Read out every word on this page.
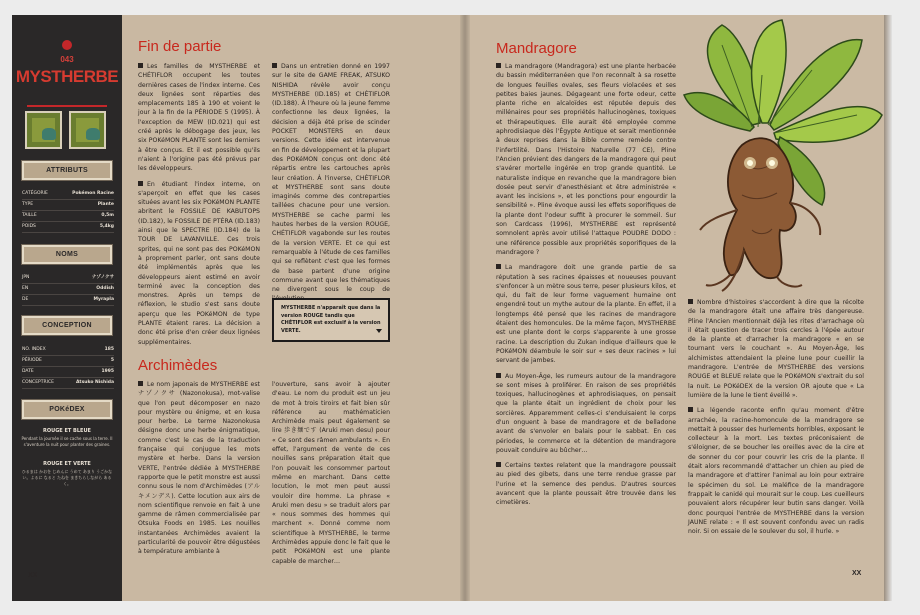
043
MYSTHERBE
ATTRIBUTS
CATÉGORIE	Pokémon Racine
TYPE	Plante
TAILLE	0,5m
POIDS	5,4kg
NOMS
JPN	ナゾノクサ
EN	Oddish
DE	Myrapla
CONCEPTION
NO. INDEX	185
PÉRIODE	5
DATE	1995
CONCEPTRICE	Atsuko Nishida
POKéDEX
ROUGE ET BLEUE
Pendant la journée il se cache sous la terre. Il s'aventure la nuit pour planter des graines.
ROUGE ET VERTE
ひるまは かおを じめんに うめて あまり うごかない。よるに なると たねを まきちらしながら あるく。
XX	XX
Fin de partie

Les familles de MYSTHERBE et CHÉTIFLOR occupent les toutes dernières cases de l'index interne. Ces deux lignées sont réparties des emplacements 185 à 190 et voient le jour à la fin de la PÉRIODE 5 (1995). À l'exception de MEW (ID.021) qui est créé après le débogage des jeux, les six POKéMON PLANTE sont les derniers à être conçus. Et il est possible qu'ils n'aient à l'origine pas été prévus par les développeurs.

En étudiant l'index interne, on s'aperçoit en effet que les cases situées avant les six POKéMON PLANTE abritent le FOSSILE DE KABUTOPS (ID.182), le FOSSILE DE PTÉRA (ID.183) ainsi que le SPECTRE (ID.184) de la TOUR DE LAVANVILLE. Ces trois sprites, qui ne sont pas des POKéMON à proprement parler, ont sans doute été implémentés après que les développeurs aient estimé en avoir terminé avec la conception des monstres. Après un temps de réflexion, le studio s'est sans doute aperçu que les POKéMON de type PLANTE étaient rares. La décision a donc été prise d'en créer deux lignées supplémentaires.

Dans un entretien donné en 1997 sur le site de GAME FREAK, ATSUKO NISHIDA révèle avoir conçu MYSTHERBE (ID.185) et CHÉTIFLOR (ID.188). À l'heure où la jeune femme confectionne les deux lignées, la décision a déjà été prise de scinder POCKET MONSTERS en deux versions. Cette idée est intervenue en fin de développement et la plupart des POKéMON conçus ont donc été répartis entre les cartouches après leur création. À l'inverse, CHÉTIFLOR et MYSTHERBE sont sans doute imaginés comme des contreparties taillées chacune pour une version. MYSTHERBE se cache parmi les hautes herbes de la version ROUGE, CHÉTIFLOR vagabonde sur les routes de la version VERTE. Et ce qui est remarquable à l'étude de ces familles qui se reflètent c'est que les formes de base partent d'une origine commune avant que les thématiques ne divergent sous le coup de

MYSTHERBE n'apparaît que dans la version ROUGE tandis que CHÉTIFLOR est exclusif à la version VERTE.
Archimèdes

Le nom japonais de MYSTHERBE est ナゾノクサ (Nazonokusa), mot-valise que l'on peut décomposer en nazo pour mystère ou énigme, et en kusa pour herbe. Le terme Nazonokusa désigne donc une herbe énigmatique, comme c'est le cas de la traduction française qui conjugue les mots mystère et herbe. Dans la version VERTE, l'entrée dédiée à MYSTHERBE rapporte que le petit monstre est aussi connu sous le nom d'Archimèdes (アルキメンデス). Cette locution aux airs de nom scientifique renvoie en fait à une gamme de râmen commercialisée par Otsuka Foods en 1985. Les nouilles instantanées Archimèdes avaient la particularité de pouvoir être dégustées à température ambiante à

l'ouverture, sans avoir à ajouter d'eau. Le nom du produit est un jeu de mot à trois tiroirs et fait bien sûr référence au mathématicien Archimède mais peut également se lire 歩き麺です (Aruki men desu) pour « Ce sont des râmen ambulants ». En effet, l'argument de vente de ces nouilles sans préparation était que l'on pouvait les consommer partout même en marchant. Dans cette locution, le mot men peut aussi vouloir dire homme. La phrase « Aruki men desu » se traduit alors par « nous sommes des hommes qui marchent ». Donné comme nom scientifique à MYSTHERBE, le terme Archimèdes appuie donc le fait que le petit POKéMON est une plante capable de marcher…

Mandragore

La mandragore (Mandragora) est une plante herbacée du bassin méditerranéen que l'on reconnaît à sa rosette de longues feuilles ovales, ses fleurs violacées et ses petites baies jaunes. Dégageant une forte odeur, cette plante riche en alcaloïdes est réputée depuis des millénaires pour ses propriétés hallucinogènes, toxiques et thérapeutiques. Elle aurait été employée comme aphrodisiaque dès l'Égypte Antique et serait mentionnée à deux reprises dans la Bible comme remède contre l'infertilité. Dans l'Histoire Naturelle (77 CE), Pline l'Ancien prévient des dangers de la mandragore qui peut s'avérer mortelle ingérée en trop grande quantité. Le naturaliste indique en revanche que la mandragore bien dosée peut servir d'anesthésiant et être administrée « avant les incisions », et les ponctions pour engourdir la sensibilité ». Pline évoque aussi les effets soporifiques de la plante dont l'odeur suffit à procurer le sommeil. Sur son Cardcass (1996), MYSTHERBE est représenté somnolent après avoir utilisé l'attaque POUDRE DODO : une référence possible aux propriétés soporifiques de la mandragore ?

La mandragore doit une grande partie de sa réputation à ses racines épaisses et noueuses pouvant s'enfoncer à un mètre sous terre, peser plusieurs kilos, et qui, du fait de leur forme vaguement humaine ont engendré tout un mythe autour de la plante. En effet, il a longtemps été pensé que les racines de mandragore étaient des homoncules. De la même façon, MYSTHERBE est une plante dont le corps s'apparente à une grosse racine. La description du Zukan indique d'ailleurs que le POKéMON déambule le soir sur « ses deux racines » lui servant de jambes.

Au Moyen-Âge, les rumeurs autour de la mandragore se sont mises à proliférer. En raison de ses propriétés toxiques, hallucinogènes et aphrodisiaques, on pensait que la plante était un ingrédient de choix pour les sorcières. Apparemment celles-ci s'enduisaient le corps d'un onguent à base de mandragore et de belladone avant de s'envoler en balais pour le sabbat. En ces périodes, le commerce et la détention de mandragore pouvait conduire au bûcher…

Certains textes relatent que la mandragore poussait au pied des gibets, dans une terre rendue grasse par l'urine et la semence des pendus. D'autres sources avancent que la plante poussait être trouvée dans les cimetières.

Nombre d'histoires s'accordent à dire que la récolte de la mandragore était une affaire très dangereuse. Pline l'Ancien mentionnait déjà les rites d'arrachage où il était question de tracer trois cercles à l'épée autour de la plante et d'arracher la mandragore « en se tournant vers le couchant ». Au Moyen-Âge, les alchimistes attendaient la pleine lune pour cueillir la mandragore. L'entrée de MYSTHERBE des versions ROUGE et BLEUE relate que le POKéMON s'extrait du sol la nuit. Le POKéDEX de la version OR ajoute que « La lumière de la lune le tient éveillé ».

La légende raconte enfin qu'au moment d'être arrachée, la racine-homoncule de la mandragore se mettait à pousser des hurlements horribles, exposant le collecteur à la mort. Les textes préconisaient de s'éloigner, de se boucher les oreilles avec de la cire et de sonner du cor pour couvrir les cris de la plante. Il était alors recommandé d'attacher un chien au pied de la mandragore et d'attirer l'animal au loin pour extraire le spécimen du sol. Le maléfice de la mandragore frappait le canidé qui mourait sur le coup. Les cueilleurs pouvaient alors récupérer leur butin sans danger. Voilà donc pourquoi l'entrée de MYSTHERBE dans la version JAUNE relate : « Il est souvent confondu avec un radis noir. Si on essaie de le soulever du sol, il hurle. »
